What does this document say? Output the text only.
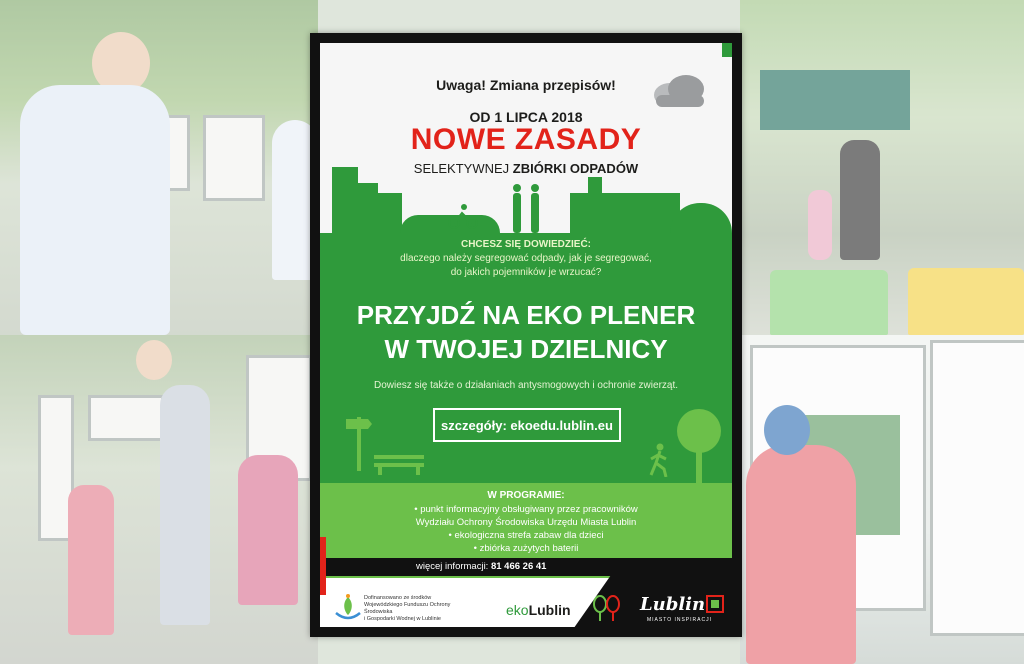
Uwaga! Zmiana przepisów!
OD 1 LIPCA 2018
NOWE ZASADY
SELEKTYWNEJ ZBIÓRKI ODPADÓW
CHCESZ SIĘ DOWIEDZIEĆ:
dlaczego należy segregować odpady, jak je segregować,
do jakich pojemników je wrzucać?
PRZYJDŹ NA EKO PLENER
W TWOJEJ DZIELNICY
Dowiesz się także o działaniach antysmogowych i ochronie zwierząt.
szczegóły: ekoedu.lublin.eu
W PROGRAMIE:
• punkt informacyjny obsługiwany przez pracowników
Wydziału Ochrony Środowiska Urzędu Miasta Lublin
• ekologiczna strefa zabaw dla dzieci
• zbiórka zużytych baterii
więcej informacji: 81 466 26 41
Dofinansowano ze środków
Wojewódzkiego Funduszu Ochrony Środowiska
i Gospodarki Wodnej w Lublinie
ekoLublin	Lublin
MIASTO INSPIRACJI
